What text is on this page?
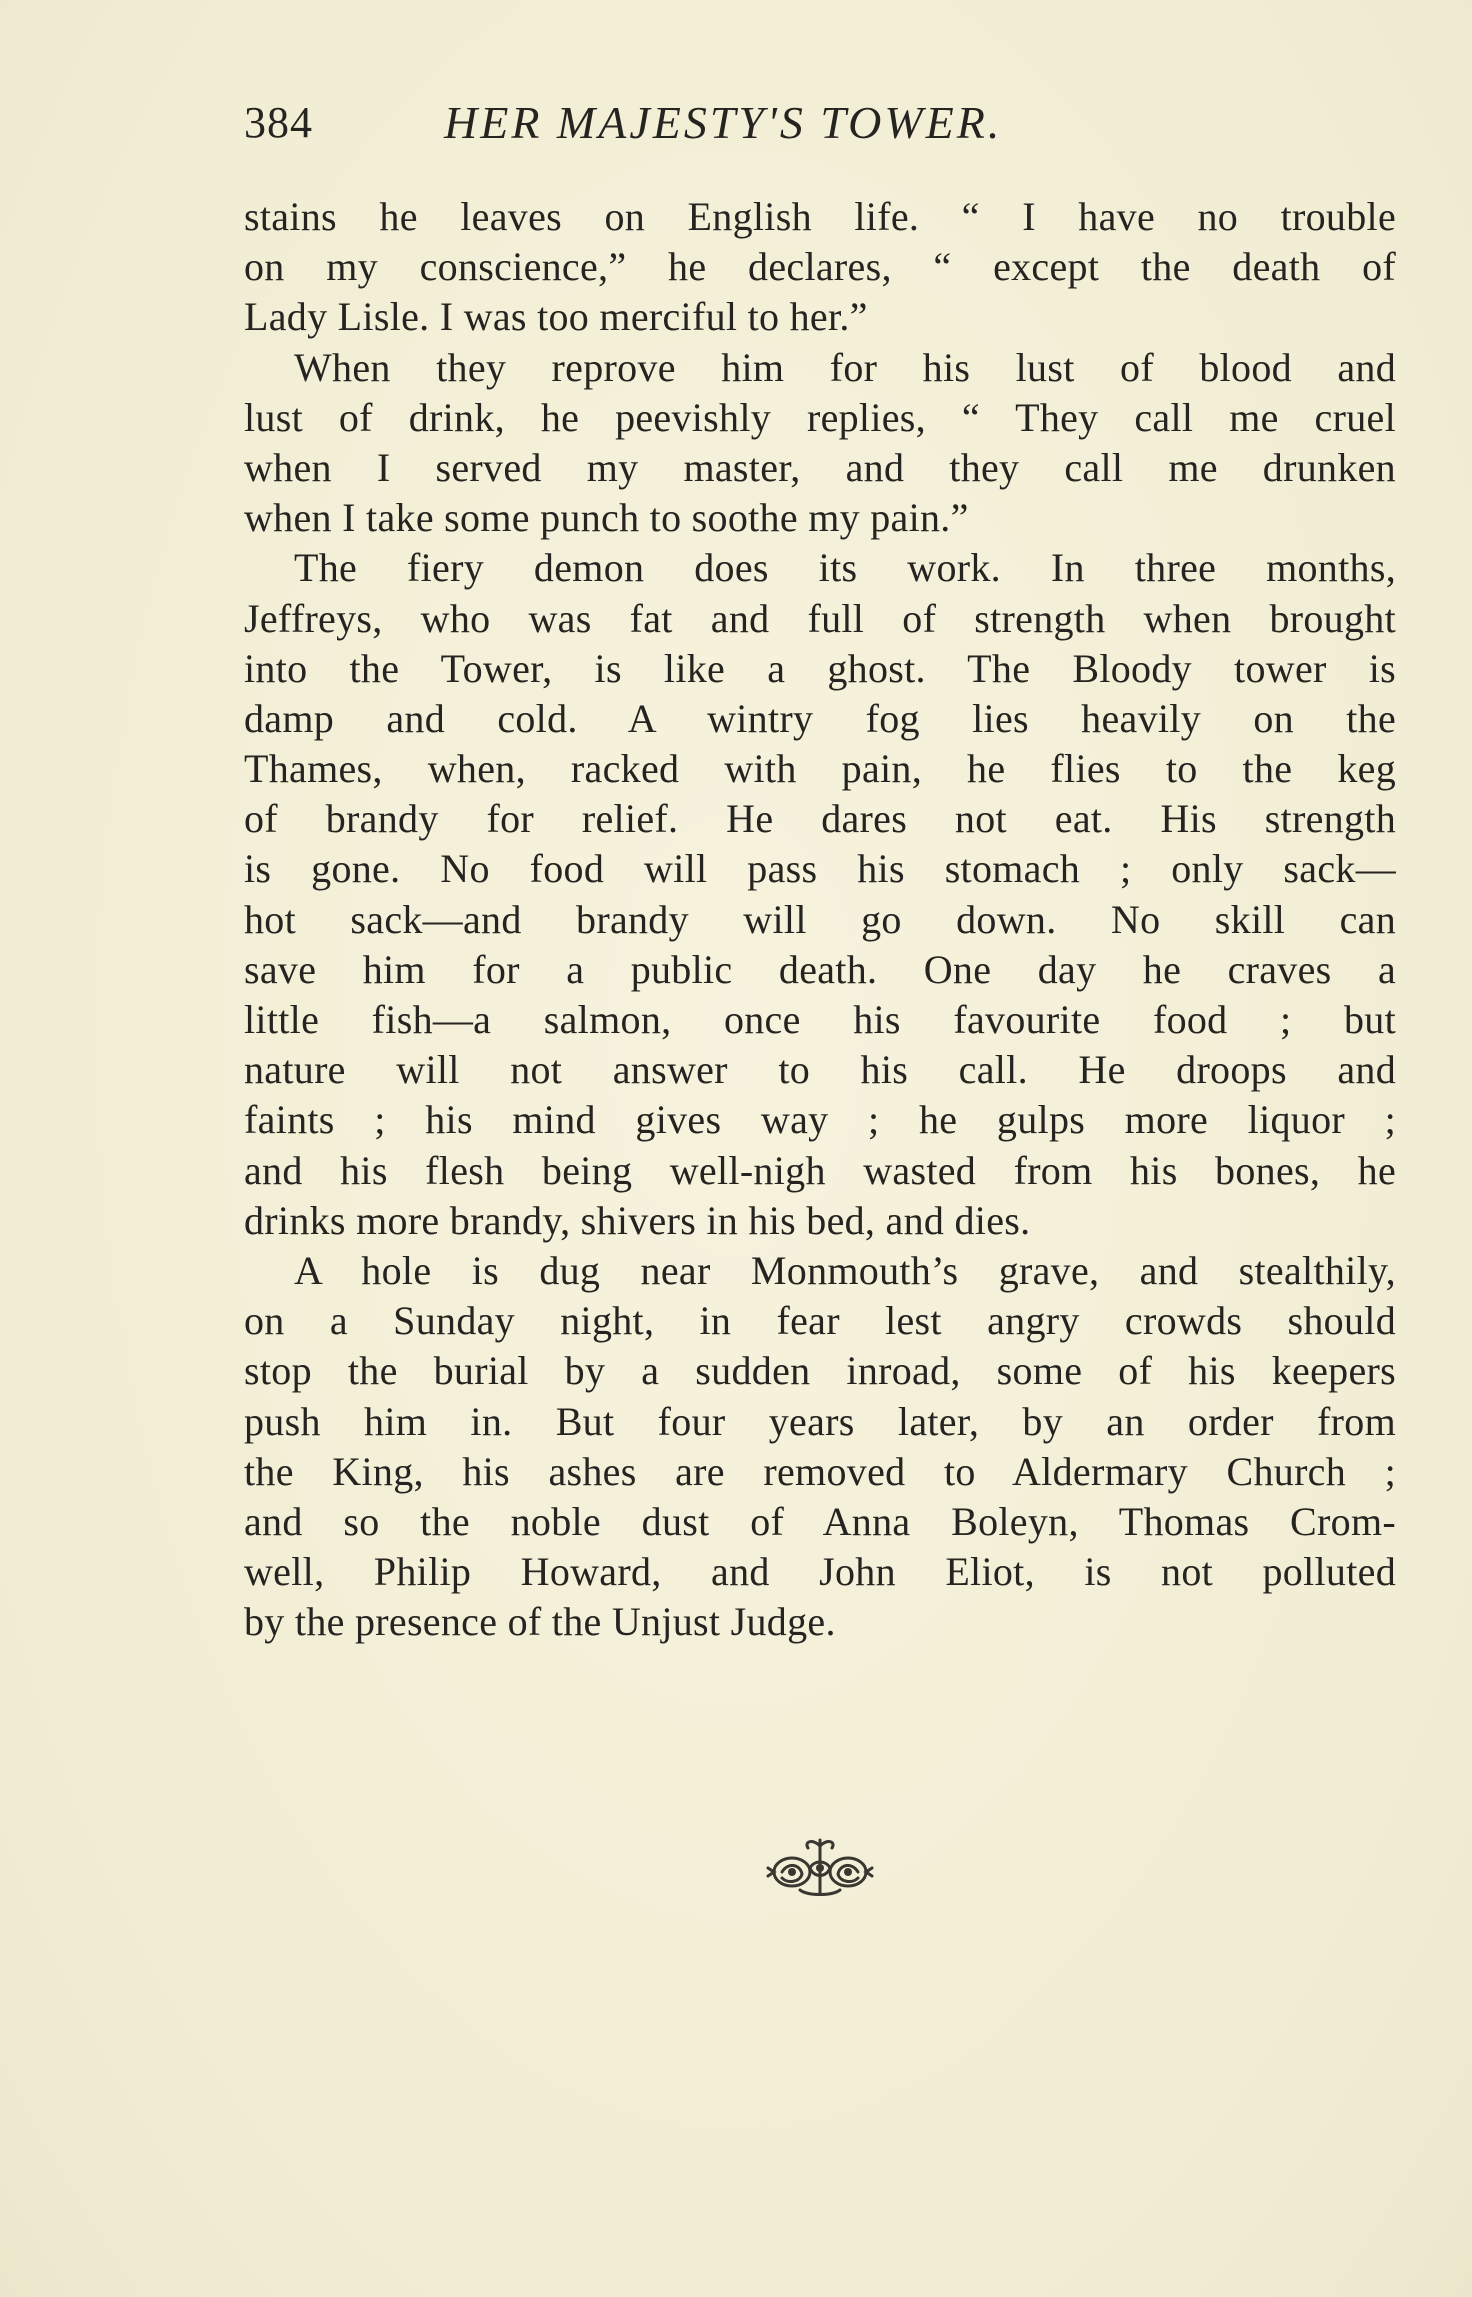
384	HER MAJESTY'S TOWER.
stains he leaves on English life. “ I have no trouble
on my conscience,” he declares, “ except the death of
Lady Lisle. I was too merciful to her.”
When they reprove him for his lust of blood and
lust of drink, he peevishly replies, “ They call me cruel
when I served my master, and they call me drunken
when I take some punch to soothe my pain.”
The fiery demon does its work. In three months,
Jeffreys, who was fat and full of strength when brought
into the Tower, is like a ghost. The Bloody tower is
damp and cold. A wintry fog lies heavily on the
Thames, when, racked with pain, he flies to the keg
of brandy for relief. He dares not eat. His strength
is gone. No food will pass his stomach ; only sack—
hot sack—and brandy will go down. No skill can
save him for a public death. One day he craves a
little fish—a salmon, once his favourite food ; but
nature will not answer to his call. He droops and
faints ; his mind gives way ; he gulps more liquor ;
and his flesh being well-nigh wasted from his bones, he
drinks more brandy, shivers in his bed, and dies.
A hole is dug near Monmouth’s grave, and stealthily,
on a Sunday night, in fear lest angry crowds should
stop the burial by a sudden inroad, some of his keepers
push him in. But four years later, by an order from
the King, his ashes are removed to Aldermary Church ;
and so the noble dust of Anna Boleyn, Thomas Crom-
well, Philip Howard, and John Eliot, is not polluted
by the presence of the Unjust Judge.
